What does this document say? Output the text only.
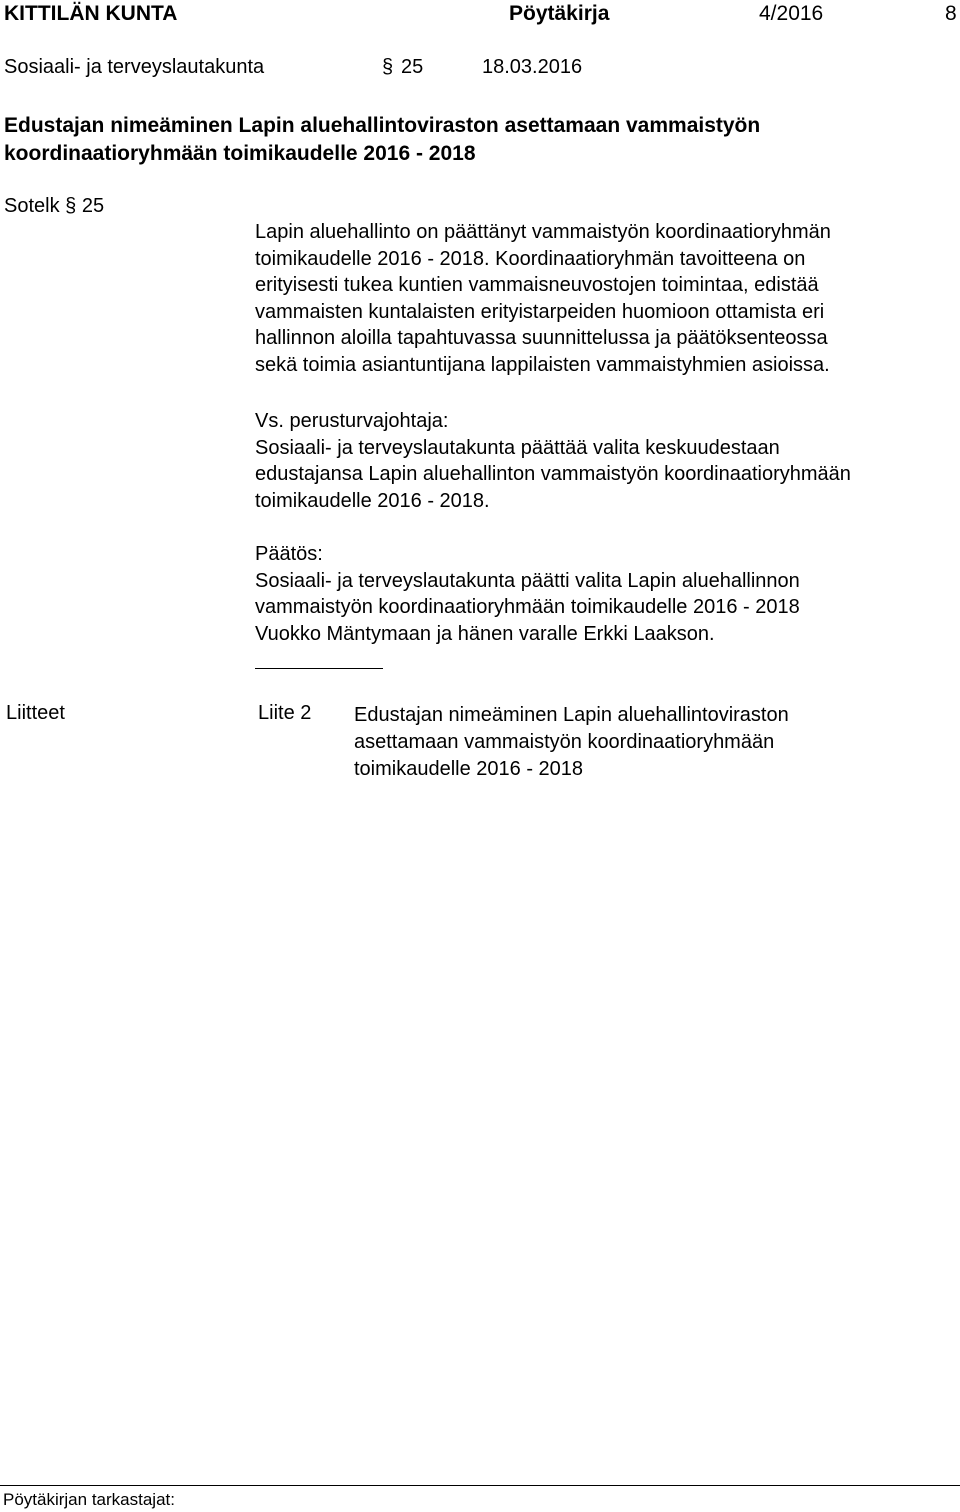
KITTILÄN KUNTA	Pöytäkirja	4/2016	8
Sosiaali- ja terveyslautakunta	§ 25	18.03.2016
Edustajan nimeäminen Lapin aluehallintoviraston asettamaan vammaistyön
koordinaatioryhmään toimikaudelle 2016 - 2018
Sotelk § 25
Lapin aluehallinto on päättänyt vammaistyön koordinaatioryhmän
toimikaudelle 2016 - 2018. Koordinaatioryhmän tavoitteena on
erityisesti tukea kuntien vammaisneuvostojen toimintaa, edistää
vammaisten kuntalaisten erityistarpeiden huomioon ottamista eri
hallinnon aloilla tapahtuvassa suunnittelussa ja päätöksenteossa
sekä toimia asiantuntijana lappilaisten vammaistyhmien asioissa.
Vs. perusturvajohtaja:
Sosiaali- ja terveyslautakunta päättää valita keskuudestaan
edustajansa Lapin aluehallinton vammaistyön koordinaatioryhmään
toimikaudelle 2016 - 2018.
Päätös:
Sosiaali- ja terveyslautakunta päätti valita Lapin aluehallinnon
vammaistyön koordinaatioryhmään toimikaudelle 2016 - 2018
Vuokko Mäntymaan ja hänen varalle Erkki Laakson.
Liitteet	Liite 2 Edustajan nimeäminen Lapin aluehallintoviraston
asettamaan vammaistyön koordinaatioryhmään
toimikaudelle 2016 - 2018
Pöytäkirjan tarkastajat:
